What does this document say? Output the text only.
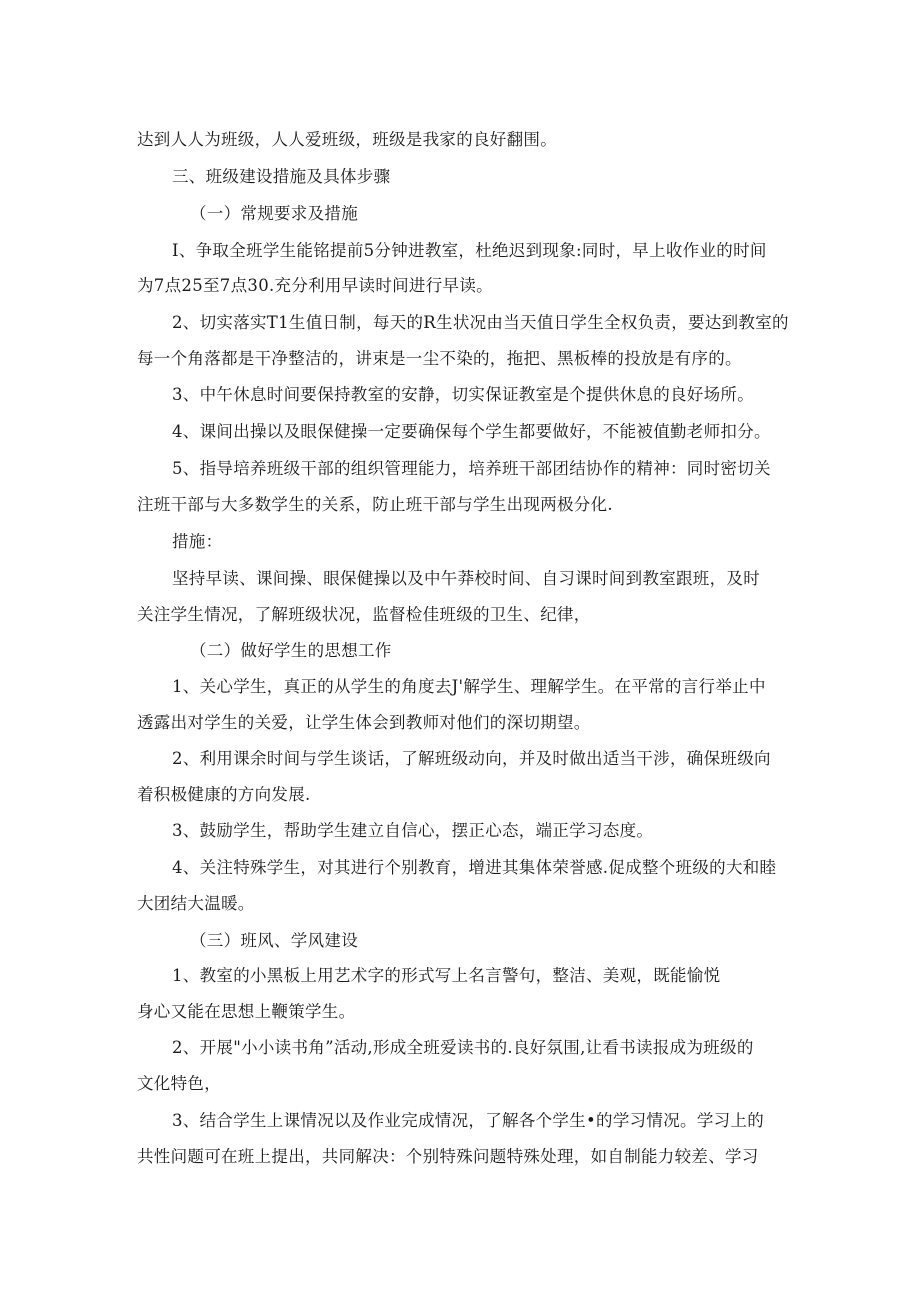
达到人人为班级，人人爱班级，班级是我家的良好翻围。
三、班级建设措施及具体步骤
（一）常规要求及措施
I、争取全班学生能铭提前5分钟进教室，杜绝迟到现象:同时，早上收作业的时间
为7点25至7点30.充分利用早读时间进行早读。
2、切实落实T1生值日制，每天的R生状况由当天值日学生全权负责，要达到教室的
每一个角落都是干净整洁的，讲束是一尘不染的，拖把、黑板棒的投放是有序的。
3、中午休息时间要保持教室的安静，切实保证教室是个提供休息的良好场所。
4、课间出操以及眼保健操一定要确保每个学生都要做好，不能被值勤老师扣分。
5、指导培养班级干部的组织管理能力，培养班干部团结协作的精神：同时密切关
注班干部与大多数学生的关系，防止班干部与学生出现两极分化.
措施：
坚持早读、课间操、眼保健操以及中午莽校时间、自习课时间到教室跟班，及时
关注学生情况，了解班级状况，监督检佳班级的卫生、纪律，
（二）做好学生的思想工作
1、关心学生，真正的从学生的角度去J'解学生、理解学生。在平常的言行举止中
透露出对学生的关爱，让学生体会到教师对他们的深切期望。
2、利用课余时间与学生谈话，了解班级动向，并及时做出适当干涉，确保班级向
着积极健康的方向发展.
3、鼓励学生，帮助学生建立自信心，摆正心态，端正学习态度。
4、关注特殊学生，对其进行个别教育，增进其集体荣誉感.促成整个班级的大和睦
大团结大温暖。
（三）班风、学风建设
1、教室的小黑板上用艺术字的形式写上名言警句，整洁、美观，既能愉悦
身心又能在思想上鞭策学生。
2、开展"小小读书角”活动,形成全班爱读书的.良好氛围,让看书读报成为班级的
文化特色，
3、结合学生上课情况以及作业完成情况，了解各个学生•的学习情况。学习上的
共性问题可在班上提出，共同解决：个别特殊问题特殊处理，如自制能力较差、学习
